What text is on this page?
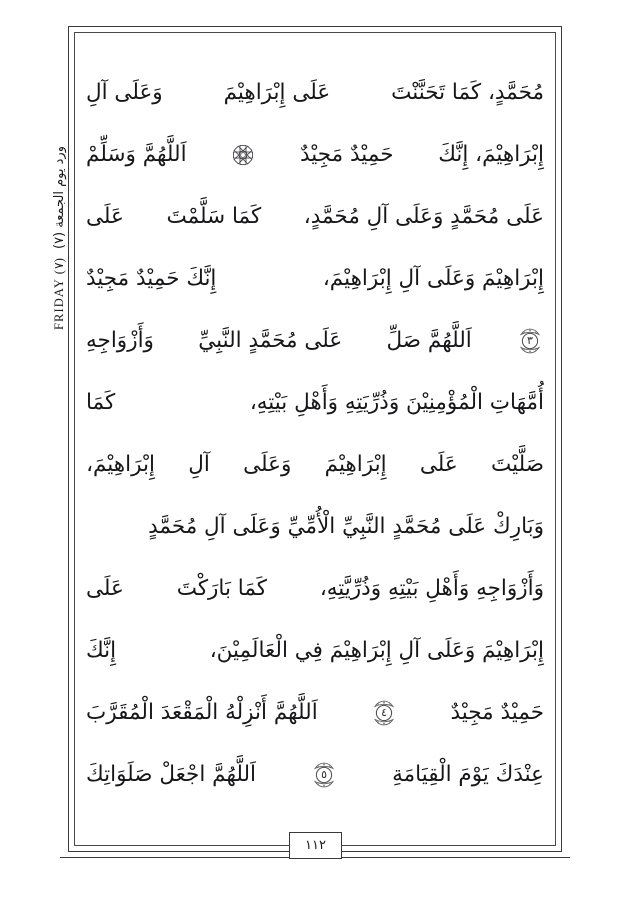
FRIDAY (٧)
ورد يوم الجمعة (٧)
مُحَمَّدٍ، كَمَا تَحَنَّنْتَ
عَلَى إِبْرَاهِيْمَ
وَعَلَى آلِ
إِبْرَاهِيْمَ، إِنَّكَ
حَمِيْدٌ مَجِيْدٌ
اَللَّهُمَّ وَسَلِّمْ
عَلَى مُحَمَّدٍ وَعَلَى آلِ مُحَمَّدٍ،
كَمَا سَلَّمْتَ
عَلَى
إِبْرَاهِيْمَ وَعَلَى آلِ إِبْرَاهِيْمَ،
إِنَّكَ حَمِيْدٌ مَجِيْدٌ
٣
اَللَّهُمَّ صَلِّ
عَلَى مُحَمَّدٍ النَّبِيِّ
وَأَزْوَاجِهِ
أُمَّهَاتِ الْمُؤْمِنِيْنَ وَذُرِّيَتِهِ وَأَهْلِ بَيْتِهِ،
كَمَا
صَلَّيْتَ
عَلَى
إِبْرَاهِيْمَ
وَعَلَى
آلِ
إِبْرَاهِيْمَ،
وَبَارِكْ عَلَى مُحَمَّدٍ النَّبِيِّ الْأُمِّيِّ وَعَلَى آلِ مُحَمَّدٍ
وَأَزْوَاجِهِ وَأَهْلِ بَيْتِهِ وَذُرِّيَّتِهِ،
كَمَا بَارَكْتَ
عَلَى
إِبْرَاهِيْمَ وَعَلَى آلِ إِبْرَاهِيْمَ فِي الْعَالَمِيْنَ،
إِنَّكَ
حَمِيْدٌ مَجِيْدٌ
٤
اَللَّهُمَّ أَنْزِلْهُ الْمَقْعَدَ الْمُقَرَّبَ
عِنْدَكَ يَوْمَ الْقِيَامَةِ
٥
اَللَّهُمَّ اجْعَلْ صَلَوَاتِكَ
١١٢
